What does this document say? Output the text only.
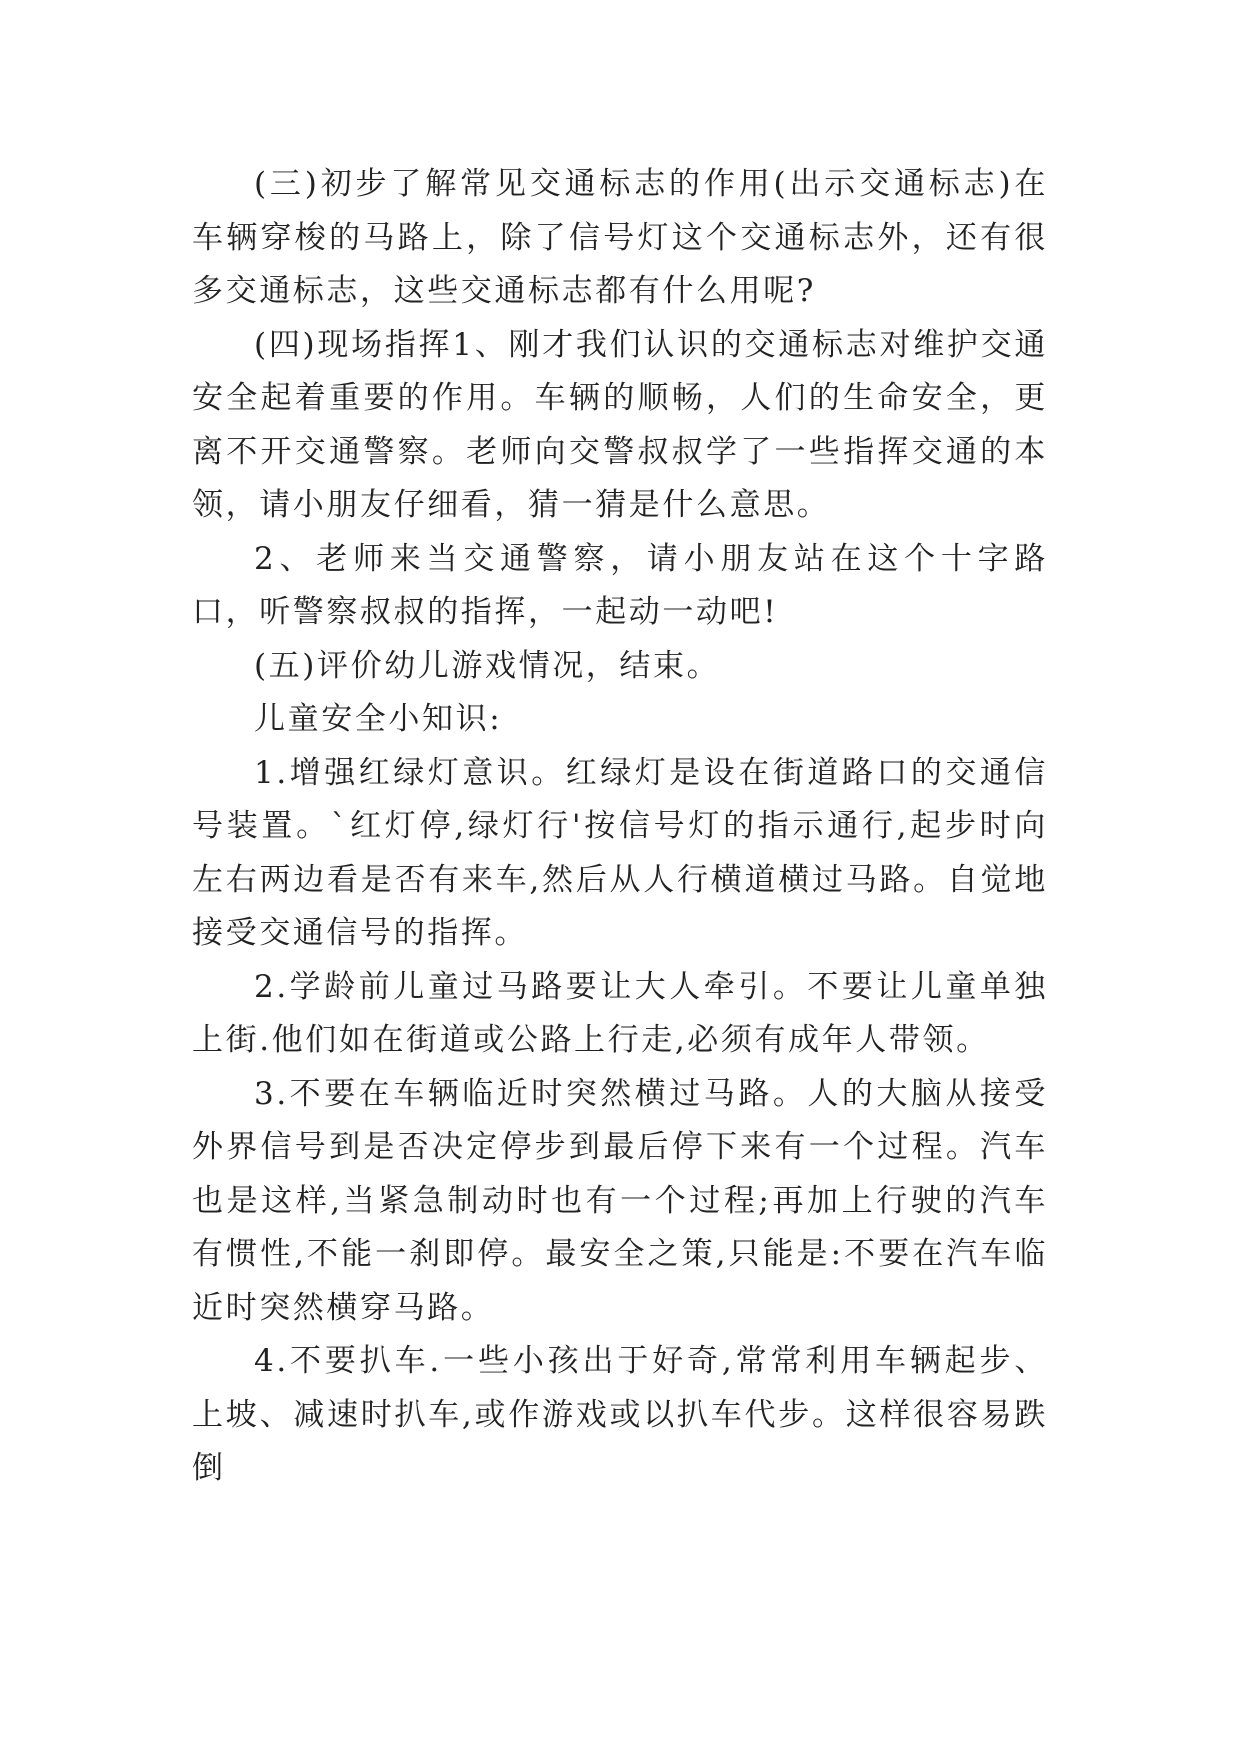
(三)初步了解常见交通标志的作用(出示交通标志)在车辆穿梭的马路上，除了信号灯这个交通标志外，还有很多交通标志，这些交通标志都有什么用呢?

(四)现场指挥1、刚才我们认识的交通标志对维护交通安全起着重要的作用。车辆的顺畅，人们的生命安全，更离不开交通警察。老师向交警叔叔学了一些指挥交通的本领，请小朋友仔细看，猜一猜是什么意思。

2、老师来当交通警察，请小朋友站在这个十字路口，听警察叔叔的指挥，一起动一动吧!

(五)评价幼儿游戏情况，结束。

儿童安全小知识:

1.增强红绿灯意识。红绿灯是设在街道路口的交通信号装置。`红灯停,绿灯行'按信号灯的指示通行,起步时向左右两边看是否有来车,然后从人行横道横过马路。自觉地接受交通信号的指挥。

2.学龄前儿童过马路要让大人牵引。不要让儿童单独上街.他们如在街道或公路上行走,必须有成年人带领。

3.不要在车辆临近时突然横过马路。人的大脑从接受外界信号到是否决定停步到最后停下来有一个过程。汽车也是这样,当紧急制动时也有一个过程;再加上行驶的汽车有惯性,不能一刹即停。最安全之策,只能是:不要在汽车临近时突然横穿马路。

4.不要扒车.一些小孩出于好奇,常常利用车辆起步、上坡、减速时扒车,或作游戏或以扒车代步。这样很容易跌倒
